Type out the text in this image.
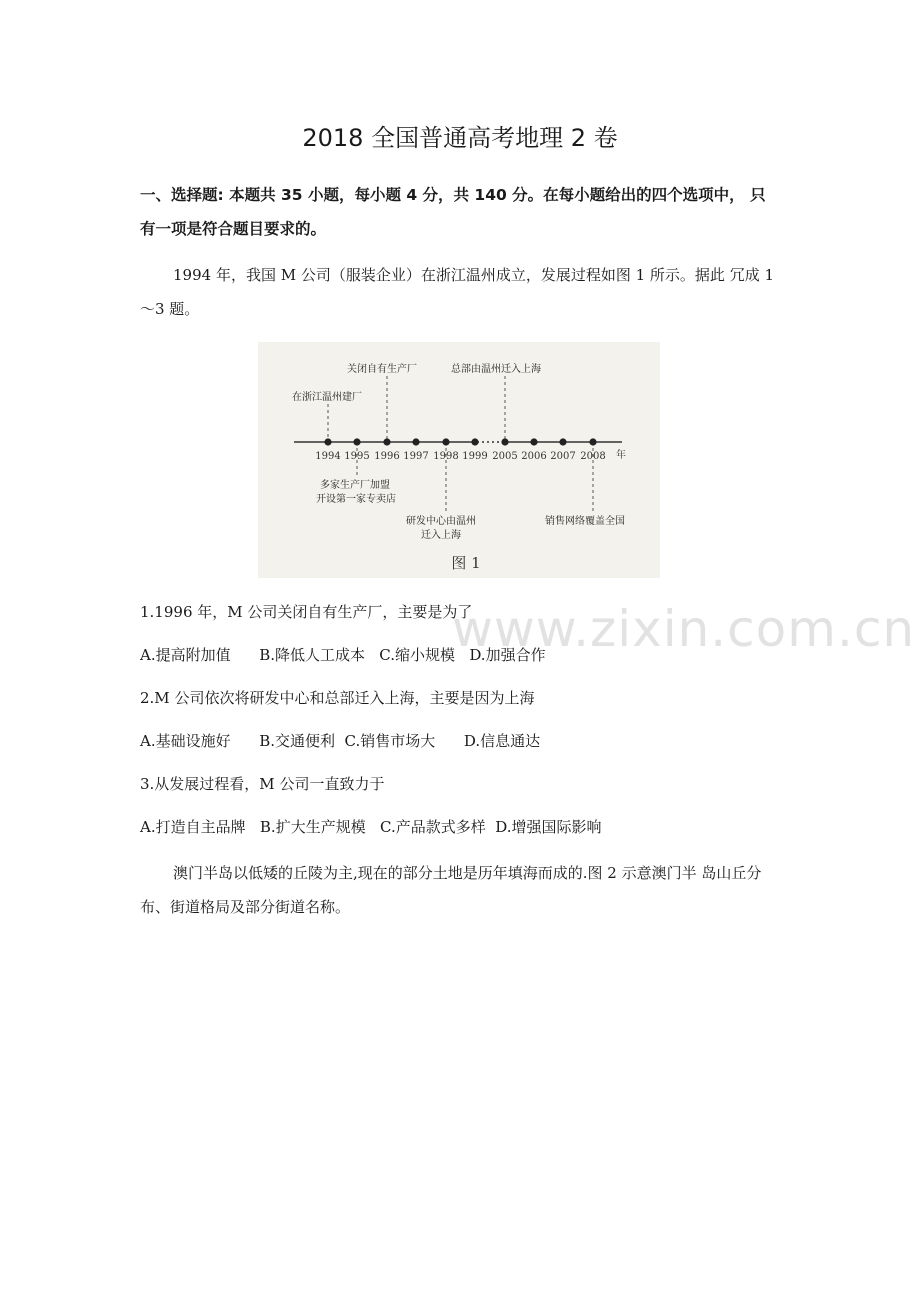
2018 全国普通高考地理 2 卷
一、选择题: 本题共 35 小题，每小题 4 分，共 140 分。在每小题给出的四个选项中， 只有一项是符合题目要求的。
1994 年，我国 M 公司（服装企业）在浙江温州成立，发展过程如图 1 所示。据此 冗成 1～3 题。
1994 1995 1996 1997 1998 1999 2005 2006 2007 2008 年
在浙江温州建厂
关闭自有生产厂	总部由温州迁入上海
多家生产厂加盟
开设第一家专卖店
研发中心由温州
迁入上海
销售网络覆盖全国
图 1
www.zixin.com.cn
1.1996 年，M 公司关闭自有生产厂，主要是为了
A.提高附加值      B.降低人工成本   C.缩小规模   D.加强合作
2.M 公司依次将研发中心和总部迁入上海，主要是因为上海
A.基础设施好      B.交通便利  C.销售市场大      D.信息通达
3.从发展过程看，M 公司一直致力于
A.打造自主品牌   B.扩大生产规模   C.产品款式多样  D.增强国际影响
澳门半岛以低矮的丘陵为主,现在的部分土地是历年填海而成的.图 2 示意澳门半 岛山丘分布、街道格局及部分街道名称。
